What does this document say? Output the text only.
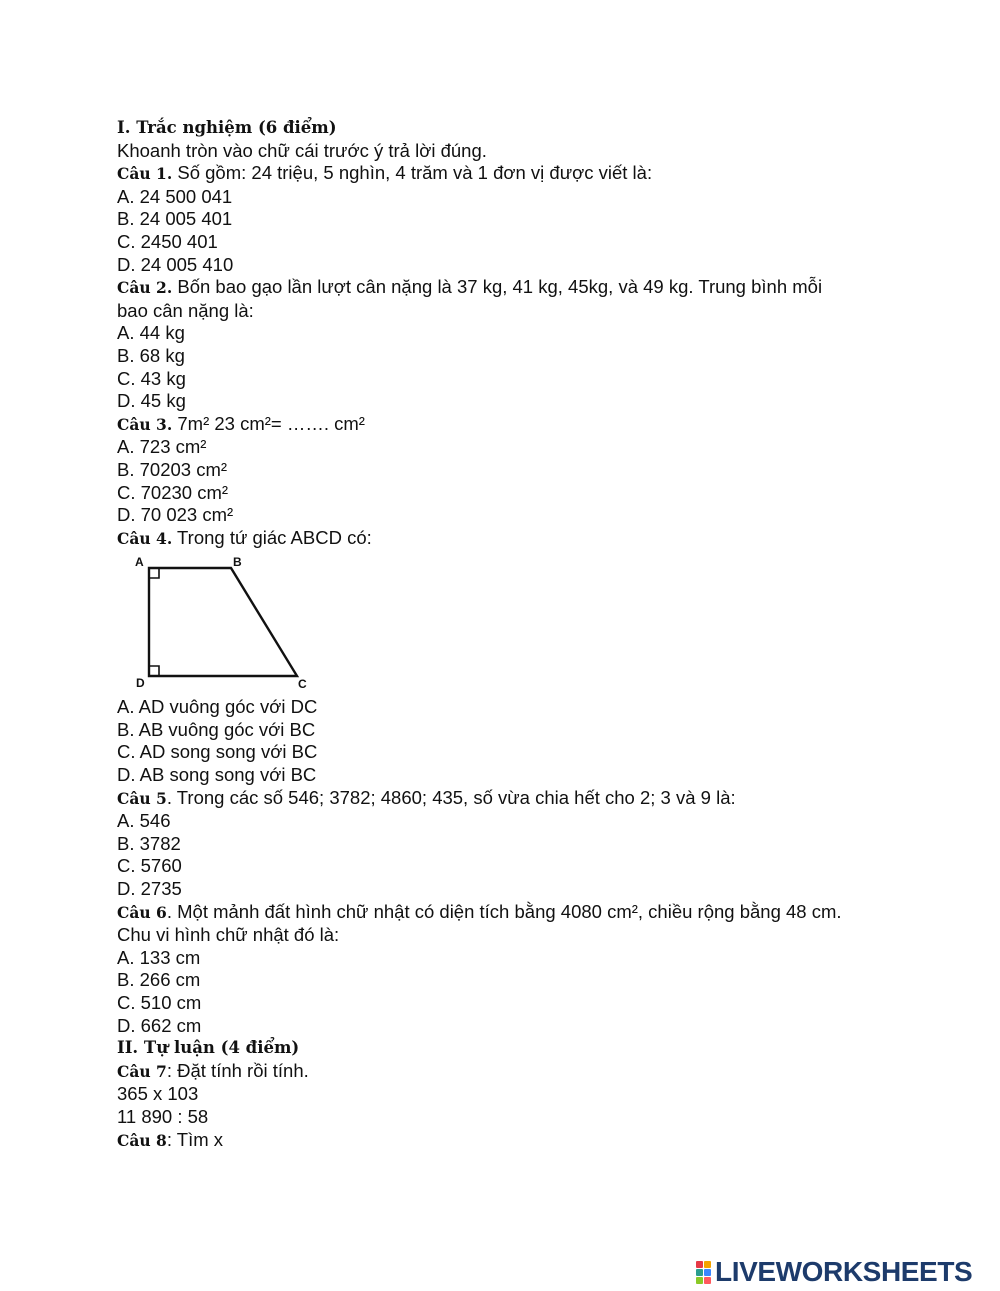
I. Trắc nghiệm (6 điểm)
Khoanh tròn vào chữ cái trước ý trả lời đúng.
Câu 1. Số gồm: 24 triệu, 5 nghìn, 4 trăm và 1 đơn vị được viết là:
A. 24 500 041
B. 24 005 401
C. 2450 401
D. 24 005 410
Câu 2. Bốn bao gạo lần lượt cân nặng là 37 kg, 41 kg, 45kg, và 49 kg. Trung bình mỗi
bao cân nặng là:
A. 44 kg
B. 68 kg
C. 43 kg
D. 45 kg
Câu 3. 7m² 23 cm²= ……. cm²
A. 723 cm²
B. 70203 cm²
C. 70230 cm²
D. 70 023 cm²
Câu 4. Trong tứ giác ABCD có:
A	B
C
D
A. AD vuông góc với DC
B. AB vuông góc với BC
C. AD song song với BC
D. AB song song với BC
Câu 5. Trong các số 546; 3782; 4860; 435, số vừa chia hết cho 2; 3 và 9 là:
A. 546
B. 3782
C. 5760
D. 2735
Câu 6. Một mảnh đất hình chữ nhật có diện tích bằng 4080 cm², chiều rộng bằng 48 cm.
Chu vi hình chữ nhật đó là:
A. 133 cm
B. 266 cm
C. 510 cm
D. 662 cm
II. Tự luận (4 điểm)
Câu 7: Đặt tính rồi tính.
365 x 103
11 890 : 58
Câu 8: Tìm x
LIVEWORKSHEETS
